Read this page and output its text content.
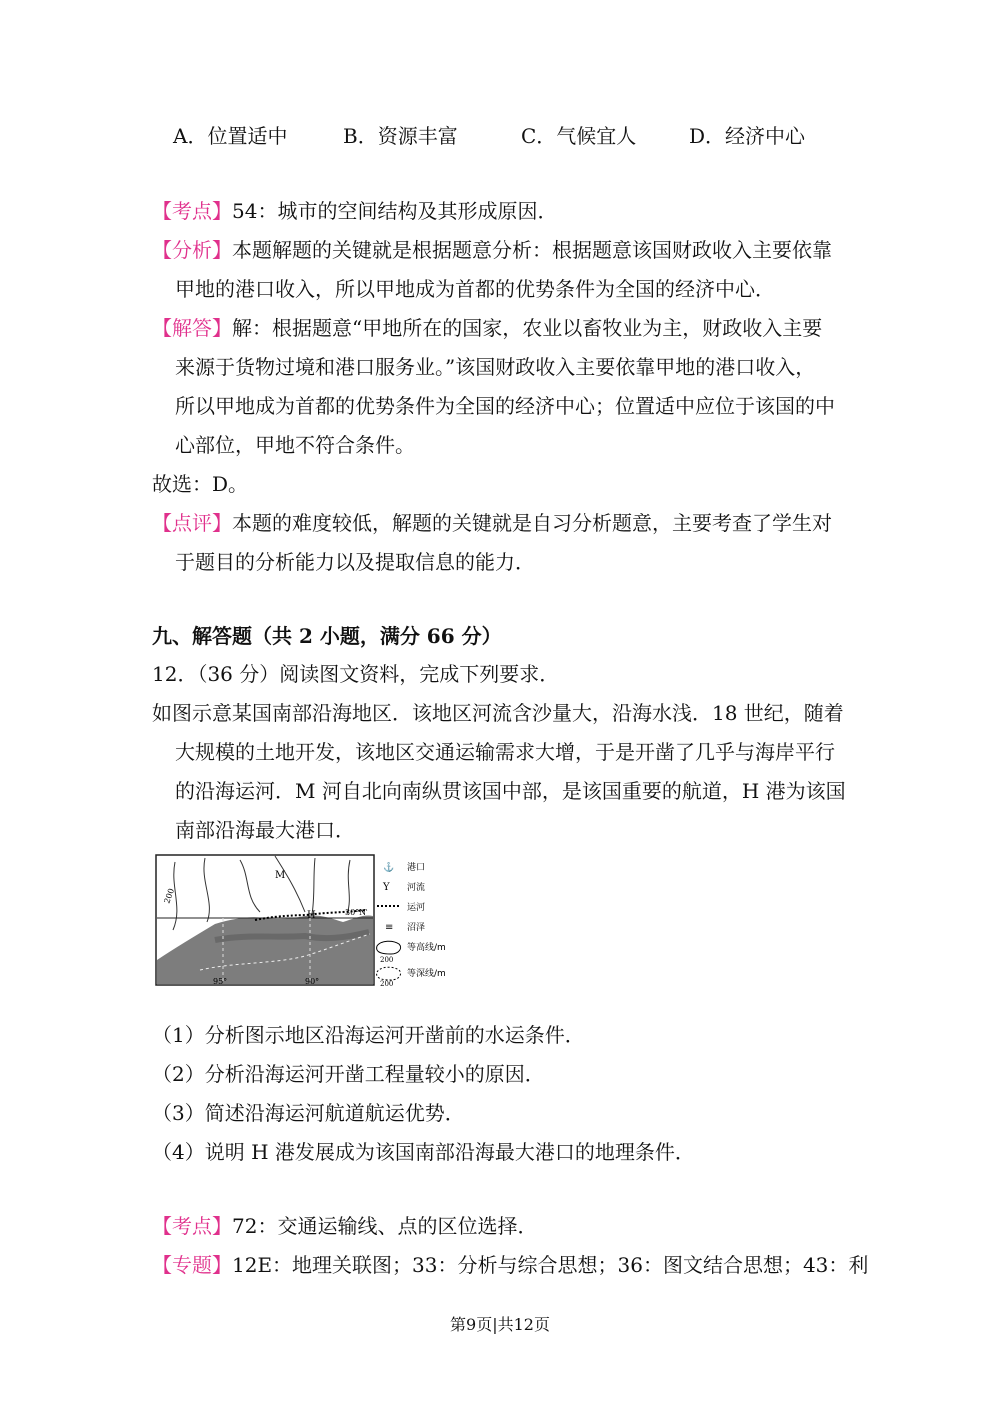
A．位置适中	B．资源丰富	C．气候宜人	D．经济中心
【考点】54：城市的空间结构及其形成原因．
【分析】本题解题的关键就是根据题意分析：根据题意该国财政收入主要依靠
甲地的港口收入，所以甲地成为首都的优势条件为全国的经济中心．
【解答】解：根据题意“甲地所在的国家，农业以畜牧业为主，财政收入主要
来源于货物过境和港口服务业。”该国财政收入主要依靠甲地的港口收入，
所以甲地成为首都的优势条件为全国的经济中心；位置适中应位于该国的中
心部位，甲地不符合条件。
故选：D。
【点评】本题的难度较低，解题的关键就是自习分析题意，主要考查了学生对
于题目的分析能力以及提取信息的能力．
九、解答题（共 2 小题，满分 66 分）
12．（36 分）阅读图文资料，完成下列要求．
如图示意某国南部沿海地区．该地区河流含沙量大，沿海水浅．18 世纪，随着
大规模的土地开发，该地区交通运输需求大增，于是开凿了几乎与海岸平行
的沿海运河．M 河自北向南纵贯该国中部，是该国重要的航道，H 港为该国
南部沿海最大港口．
M
H
200
30°N
95°	90°
⚓ 港口
Y 河流
运河
≡ 沼泽
等高线/m
200
等深线/m
200
（1）分析图示地区沿海运河开凿前的水运条件．
（2）分析沿海运河开凿工程量较小的原因．
（3）简述沿海运河航道航运优势．
（4）说明 H 港发展成为该国南部沿海最大港口的地理条件．
【考点】72：交通运输线、点的区位选择．
【专题】12E：地理关联图；33：分析与综合思想；36：图文结合思想；43：利
第9页|共12页
